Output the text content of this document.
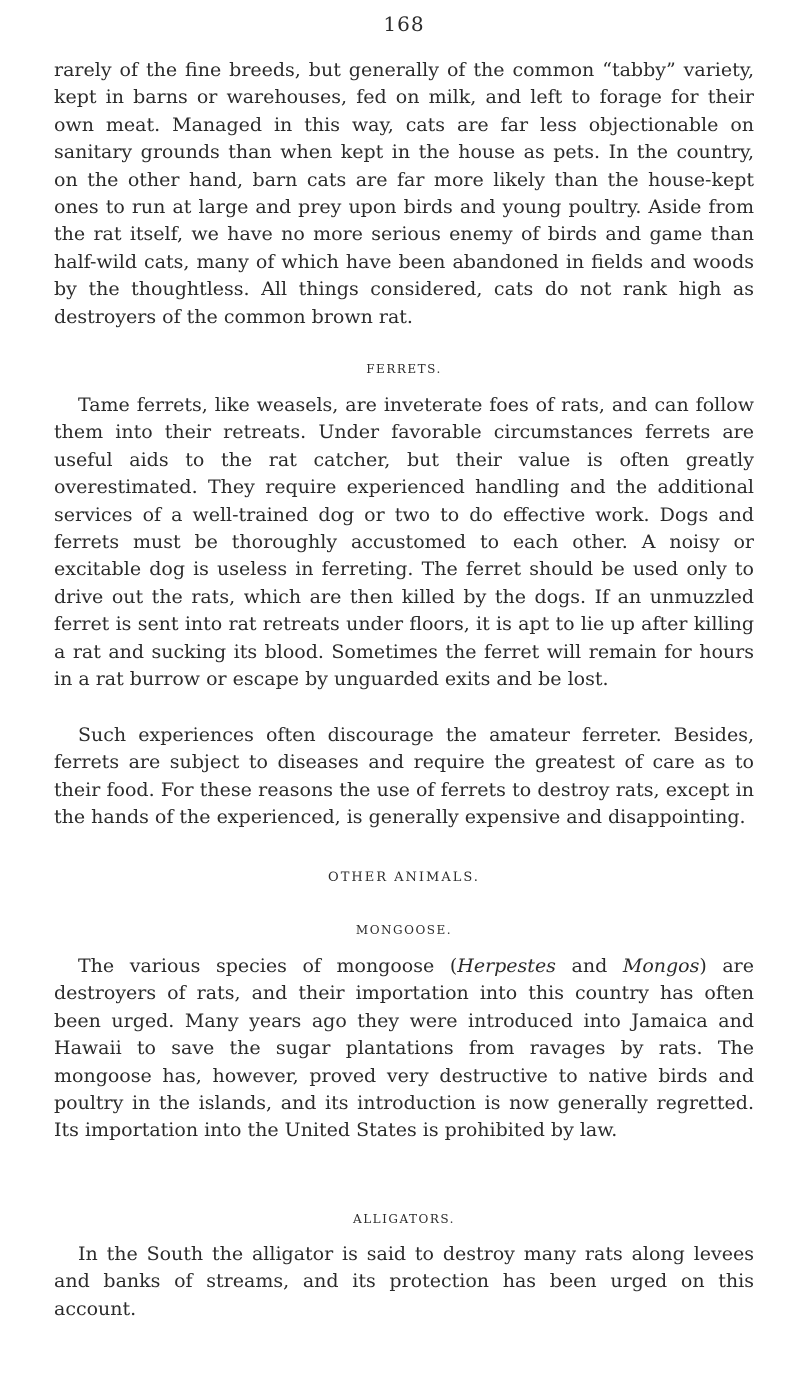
168

rarely of the fine breeds, but generally of the common “tabby” variety, kept in barns or warehouses, fed on milk, and left to forage for their own meat. Managed in this way, cats are far less objectionable on sanitary grounds than when kept in the house as pets. In the country, on the other hand, barn cats are far more likely than the house-kept ones to run at large and prey upon birds and young poultry. Aside from the rat itself, we have no more serious enemy of birds and game than half-wild cats, many of which have been abandoned in fields and woods by the thoughtless. All things considered, cats do not rank high as destroyers of the common brown rat.

FERRETS.

Tame ferrets, like weasels, are inveterate foes of rats, and can follow them into their retreats. Under favorable circumstances ferrets are useful aids to the rat catcher, but their value is often greatly overestimated. They require experienced handling and the additional services of a well-trained dog or two to do effective work. Dogs and ferrets must be thoroughly accustomed to each other. A noisy or excitable dog is useless in ferreting. The ferret should be used only to drive out the rats, which are then killed by the dogs. If an unmuzzled ferret is sent into rat retreats under floors, it is apt to lie up after killing a rat and sucking its blood. Sometimes the ferret will remain for hours in a rat burrow or escape by unguarded exits and be lost.

Such experiences often discourage the amateur ferreter. Besides, ferrets are subject to diseases and require the greatest of care as to their food. For these reasons the use of ferrets to destroy rats, except in the hands of the experienced, is generally expensive and disappointing.

OTHER ANIMALS.

MONGOOSE.

The various species of mongoose (Herpestes and Mongos) are destroyers of rats, and their importation into this country has often been urged. Many years ago they were introduced into Jamaica and Hawaii to save the sugar plantations from ravages by rats. The mongoose has, however, proved very destructive to native birds and poultry in the islands, and its introduction is now generally regretted. Its importation into the United States is prohibited by law.

ALLIGATORS.

In the South the alligator is said to destroy many rats along levees and banks of streams, and its protection has been urged on this account.
